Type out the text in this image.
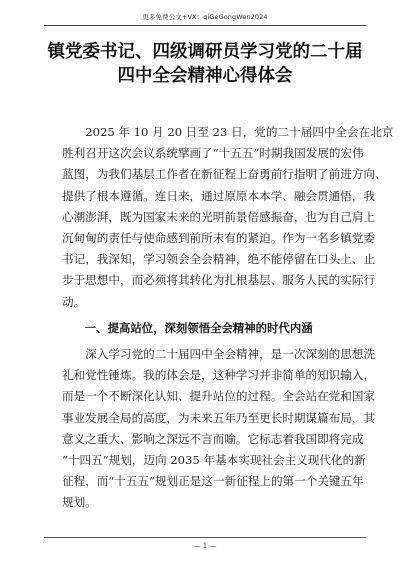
更多免费公文+VX：qiGeGongWen2024
镇党委书记、四级调研员学习党的二十届
四中全会精神心得体会
　　2025 年 10 月 20 日至 23 日，党的二十届四中全会在北京
胜利召开这次会议系统擘画了“十五五”时期我国发展的宏伟
蓝图，为我们基层工作者在新征程上奋勇前行指明了前进方向、
提供了根本遵循。连日来，通过原原本本学、融会贯通悟，我
心潮澎湃，既为国家未来的光明前景倍感振奋，也为自己肩上
沉甸甸的责任与使命感到前所未有的紧迫。作为一名乡镇党委
书记，我深知，学习领会全会精神，绝不能停留在口头上、止
步于思想中，而必须将其转化为扎根基层、服务人民的实际行
动。
　　一、提高站位，深刻领悟全会精神的时代内涵
　　深入学习党的二十届四中全会精神，是一次深刻的思想洗
礼和党性锤炼。我的体会是，这种学习并非简单的知识输入，
而是一个不断深化认知、提升站位的过程。全会站在党和国家
事业发展全局的高度，为未来五年乃至更长时期谋篇布局，其
意义之重大、影响之深远不言而喻。它标志着我国即将完成
“十四五”规划，迈向 2035 年基本实现社会主义现代化的新
征程，而“十五五”规划正是这一新征程上的第一个关键五年
规划。
— 1 —
